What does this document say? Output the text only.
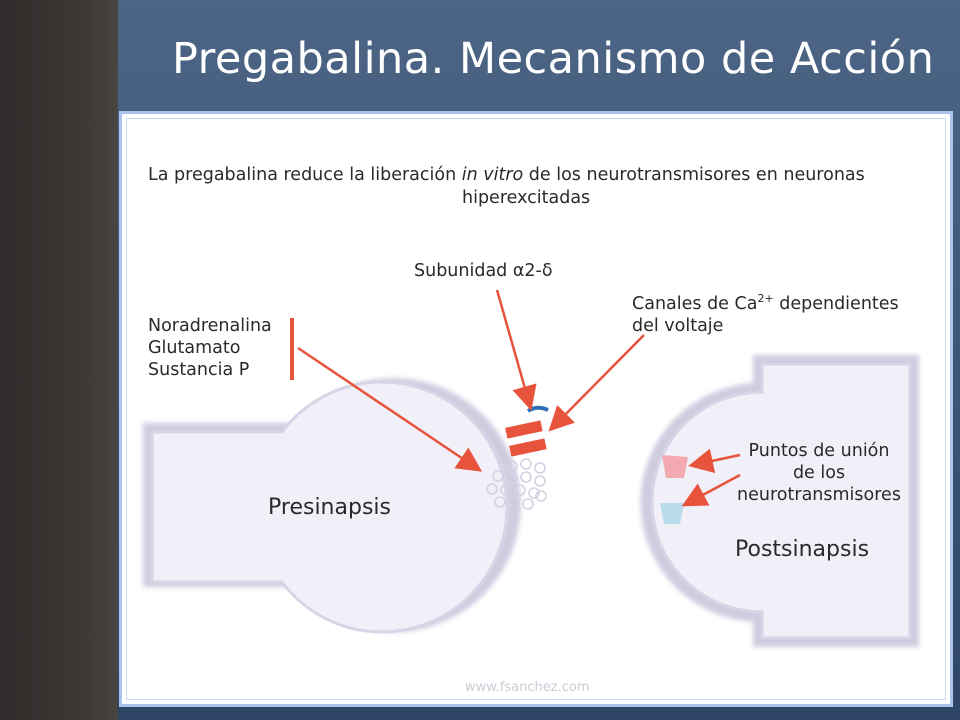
Pregabalina. Mecanismo de Acción
La pregabalina reduce la liberación in vitro de los neurotransmisores en neuronas
hiperexcitadas
Subunidad α2-δ
Canales de $Ca^{2+}$ dependientes
del voltaje
Noradrenalina
Glutamato
Sustancia P
Puntos de unión
de los
neurotransmisores
Presinapsis
Postsinapsis
www.fsanchez.com
